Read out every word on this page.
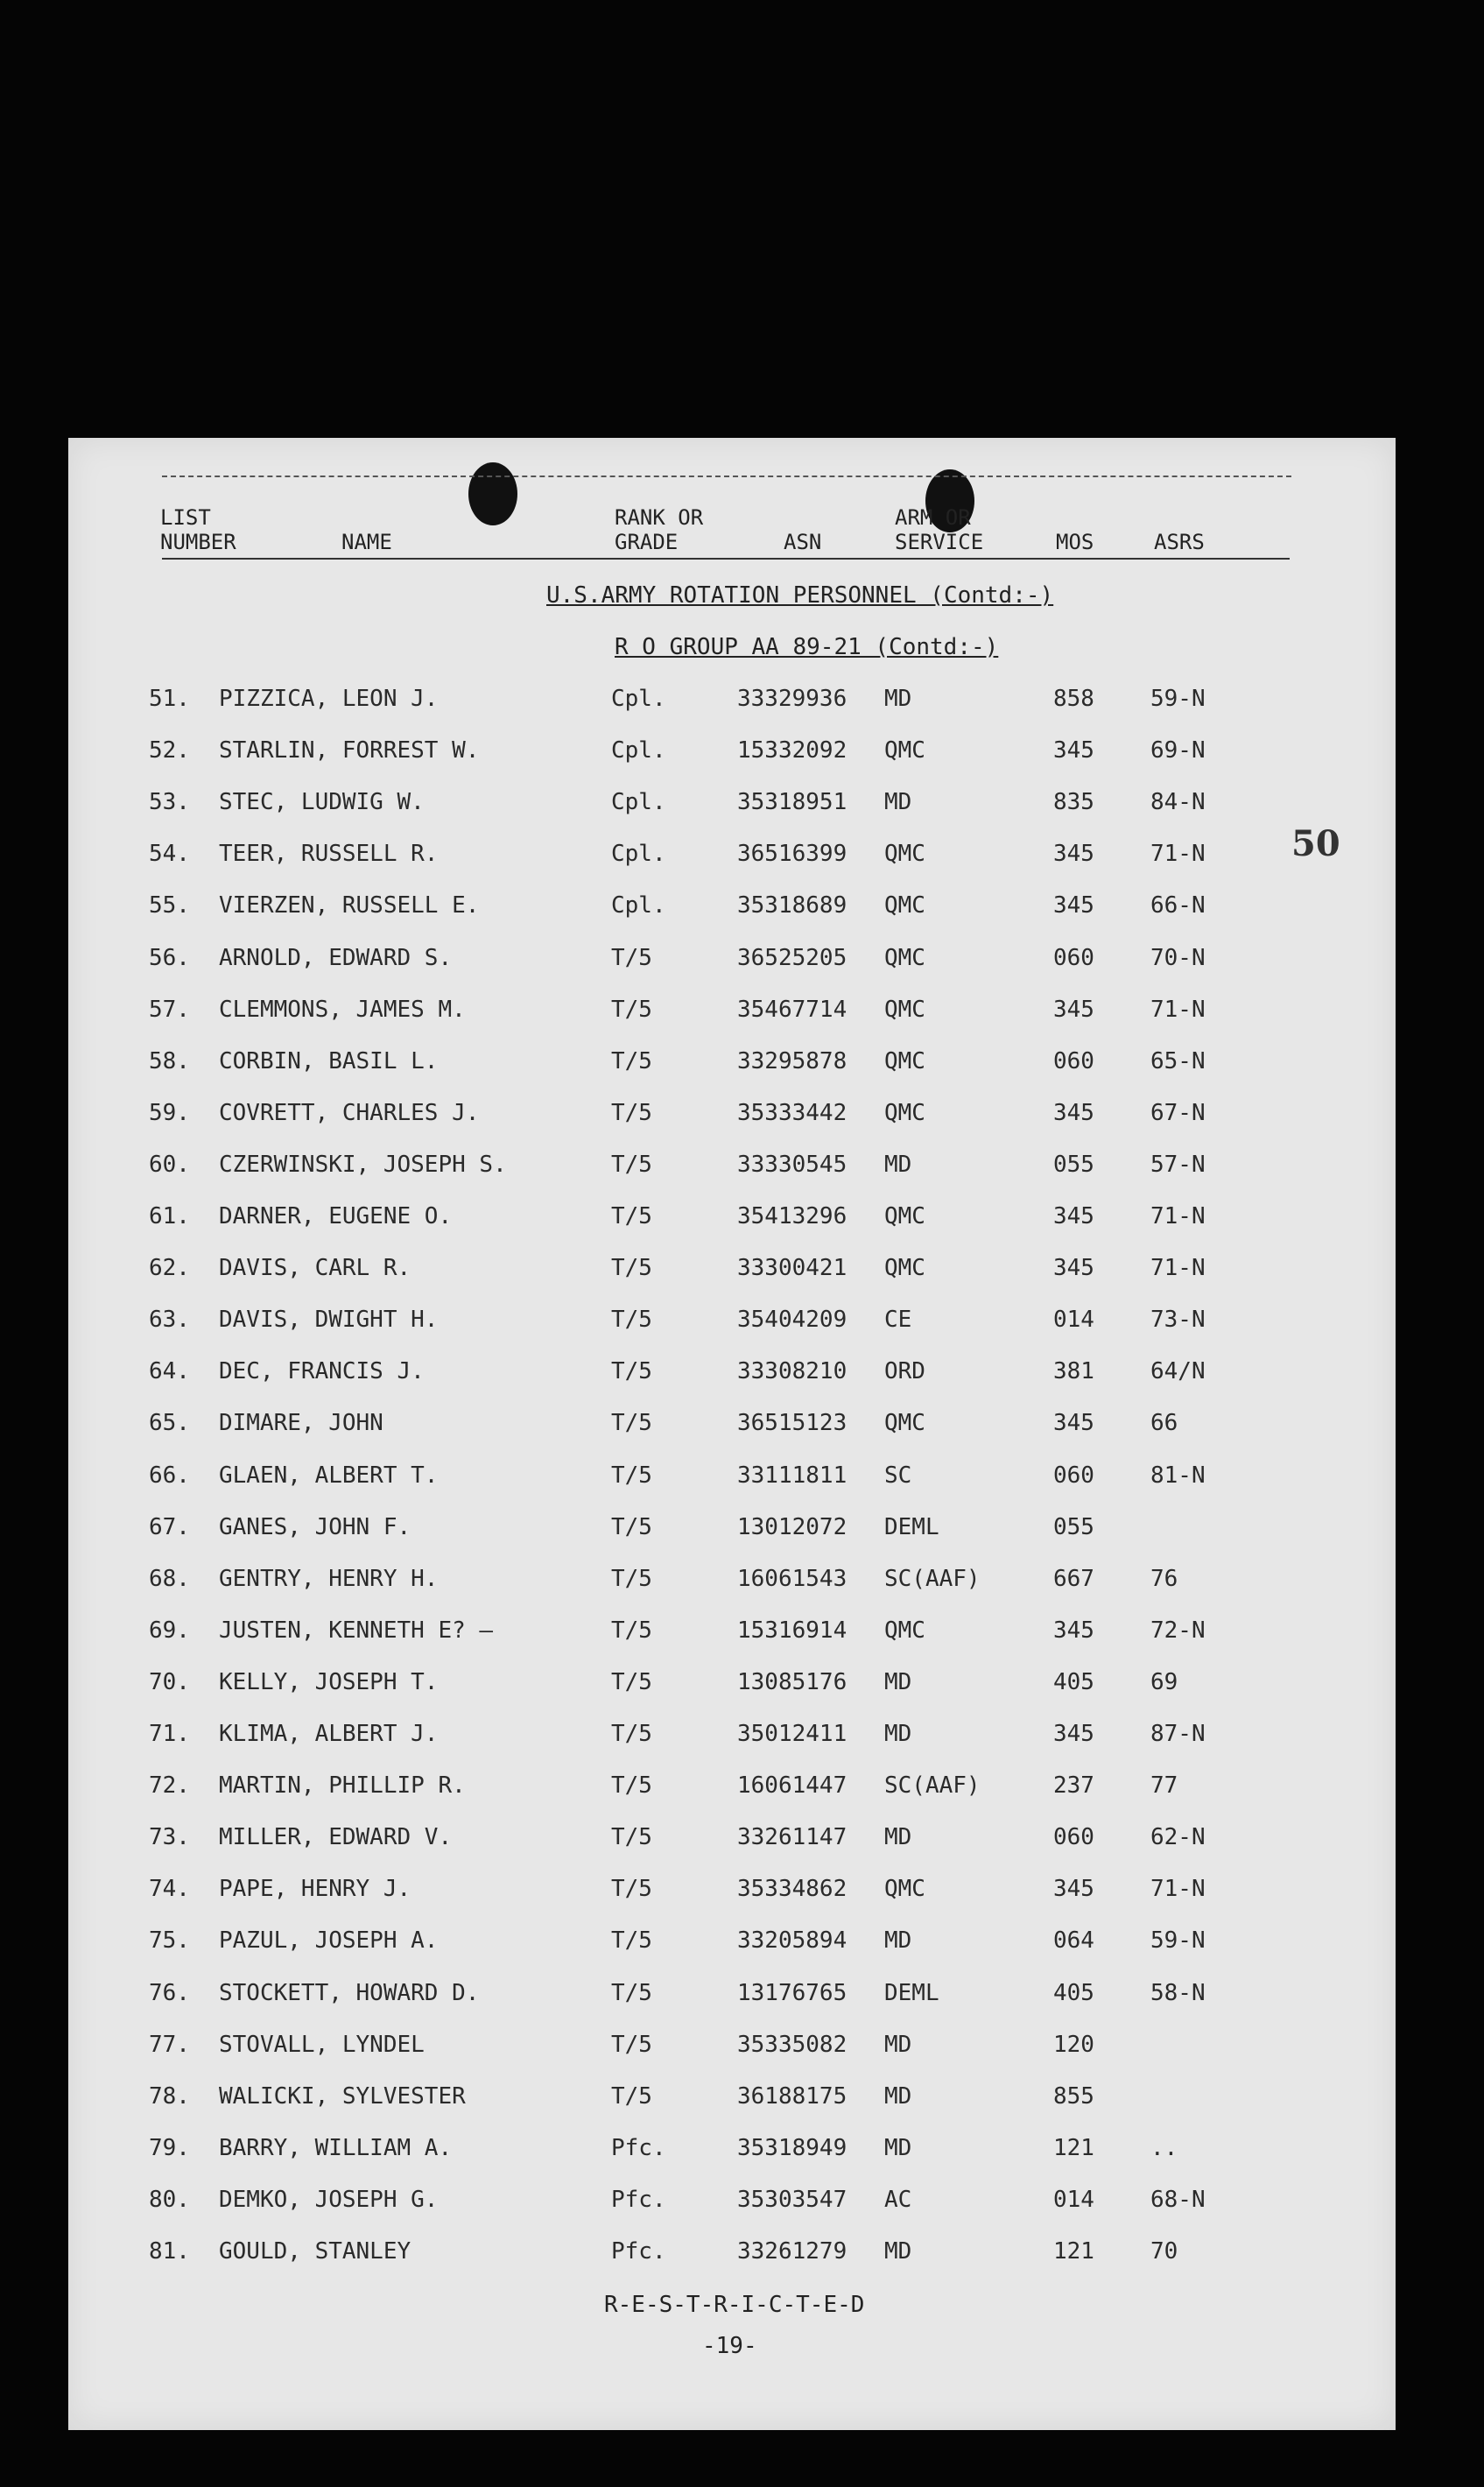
50
LIST
NUMBER	NAME
RANK OR
GRADE	ASN
ARM OR
SERVICE	MOS	ASRS
U.S.ARMY ROTATION PERSONNEL (Contd:-)
R O GROUP AA 89-21 (Contd:-)
51. PIZZICA, LEON J.	Cpl.	33329936 MD	858 59-N
52. STARLIN, FORREST W.	Cpl.	15332092 QMC	345 69-N
53. STEC, LUDWIG W.	Cpl.	35318951 MD	835 84-N
54. TEER, RUSSELL R.	Cpl.	36516399 QMC	345 71-N
55. VIERZEN, RUSSELL E.	Cpl.	35318689 QMC	345 66-N
56. ARNOLD, EDWARD S.	T/5	36525205 QMC	060 70-N
57. CLEMMONS, JAMES M.	T/5	35467714 QMC	345 71-N
58. CORBIN, BASIL L.	T/5	33295878 QMC	060 65-N
59. COVRETT, CHARLES J.	T/5	35333442 QMC	345 67-N
60. CZERWINSKI, JOSEPH S.	T/5	33330545 MD	055 57-N
61. DARNER, EUGENE O.	T/5	35413296 QMC	345 71-N
62. DAVIS, CARL R.	T/5	33300421 QMC	345 71-N
63. DAVIS, DWIGHT H.	T/5	35404209 CE	014 73-N
64. DEC, FRANCIS J.	T/5	33308210 ORD	381 64/N
65. DIMARE, JOHN	T/5	36515123 QMC	345 66
66. GLAEN, ALBERT T.	T/5	33111811 SC	060 81-N
67. GANES, JOHN F.	T/5	13012072 DEML	055
68. GENTRY, HENRY H.	T/5	16061543 SC(AAF)	667 76
69. JUSTEN, KENNETH E? —	T/5	15316914 QMC	345 72-N
70. KELLY, JOSEPH T.	T/5	13085176 MD	405 69
71. KLIMA, ALBERT J.	T/5	35012411 MD	345 87-N
72. MARTIN, PHILLIP R.	T/5	16061447 SC(AAF)	237 77
73. MILLER, EDWARD V.	T/5	33261147 MD	060 62-N
74. PAPE, HENRY J.	T/5	35334862 QMC	345 71-N
75. PAZUL, JOSEPH A.	T/5	33205894 MD	064 59-N
76. STOCKETT, HOWARD D.	T/5	13176765 DEML	405 58-N
77. STOVALL, LYNDEL	T/5	35335082 MD	120
78. WALICKI, SYLVESTER	T/5	36188175 MD	855
79. BARRY, WILLIAM A.	Pfc.	35318949 MD	121 ..
80. DEMKO, JOSEPH G.	Pfc.	35303547 AC	014 68-N
81. GOULD, STANLEY	Pfc.	33261279 MD	121 70
R-E-S-T-R-I-C-T-E-D
-19-
